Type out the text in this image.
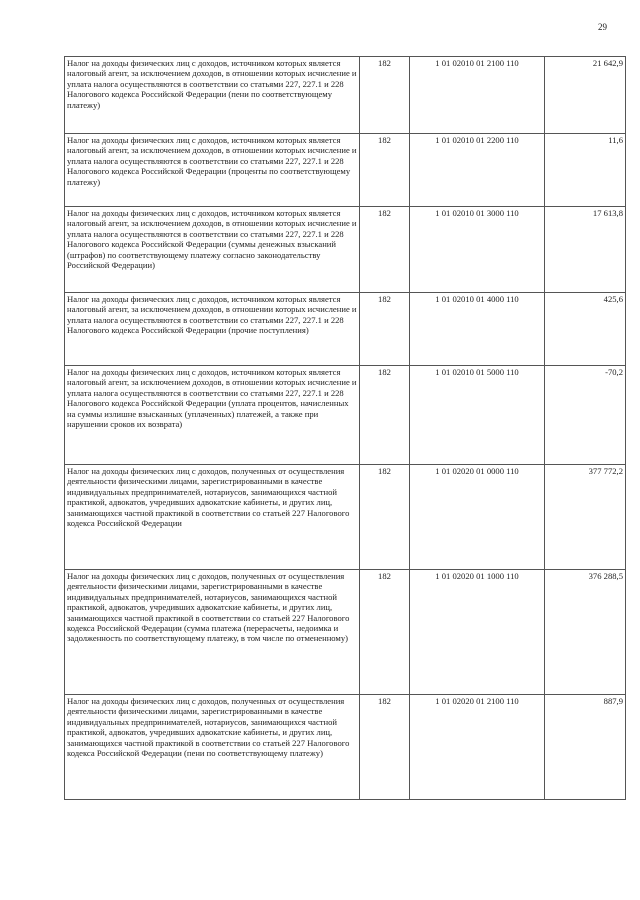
29
Налог на доходы физических лиц с доходов, источником которых является налоговый агент, за исключением доходов, в отношении которых исчисление и уплата налога осуществляются в соответствии со статьями 227, 227.1 и 228 Налогового кодекса Российской Федерации (пени по соответствующему платежу)	182	1 01 02010 01 2100 110	21 642,9
Налог на доходы физических лиц с доходов, источником которых является налоговый агент, за исключением доходов, в отношении которых исчисление и уплата налога осуществляются в соответствии со статьями 227, 227.1 и 228 Налогового кодекса Российской Федерации (проценты по соответствующему платежу)	182	1 01 02010 01 2200 110	11,6
Налог на доходы физических лиц с доходов, источником которых является налоговый агент, за исключением доходов, в отношении которых исчисление и уплата налога осуществляются в соответствии со статьями 227, 227.1 и 228 Налогового кодекса Российской Федерации (суммы денежных взысканий (штрафов) по соответствующему платежу согласно законодательству Российской Федерации)	182	1 01 02010 01 3000 110	17 613,8
Налог на доходы физических лиц с доходов, источником которых является налоговый агент, за исключением доходов, в отношении которых исчисление и уплата налога осуществляются в соответствии со статьями 227, 227.1 и 228 Налогового кодекса Российской Федерации (прочие поступления)	182	1 01 02010 01 4000 110	425,6
Налог на доходы физических лиц с доходов, источником которых является налоговый агент, за исключением доходов, в отношении которых исчисление и уплата налога осуществляются в соответствии со статьями 227, 227.1 и 228 Налогового кодекса Российской Федерации (уплата процентов, начисленных на суммы излишне взысканных (уплаченных) платежей, а также при нарушении сроков их возврата)	182	1 01 02010 01 5000 110	-70,2
Налог на доходы физических лиц с доходов, полученных от осуществления деятельности физическими лицами, зарегистрированными в качестве индивидуальных предпринимателей, нотариусов, занимающихся частной практикой, адвокатов, учредивших адвокатские кабинеты, и других лиц, занимающихся частной практикой в соответствии со статьей 227 Налогового кодекса Российской Федерации	182	1 01 02020 01 0000 110	377 772,2
Налог на доходы физических лиц с доходов, полученных от осуществления деятельности физическими лицами, зарегистрированными в качестве индивидуальных предпринимателей, нотариусов, занимающихся частной практикой, адвокатов, учредивших адвокатские кабинеты, и других лиц, занимающихся частной практикой в соответствии со статьей 227 Налогового кодекса Российской Федерации (сумма платежа (перерасчеты, недоимка и задолженность по соответствующему платежу, в том числе по отмененному)	182	1 01 02020 01 1000 110	376 288,5
Налог на доходы физических лиц с доходов, полученных от осуществления деятельности физическими лицами, зарегистрированными в качестве индивидуальных предпринимателей, нотариусов, занимающихся частной практикой, адвокатов, учредивших адвокатские кабинеты, и других лиц, занимающихся частной практикой в соответствии со статьей 227 Налогового кодекса Российской Федерации (пени по соответствующему платежу)	182	1 01 02020 01 2100 110	887,9
